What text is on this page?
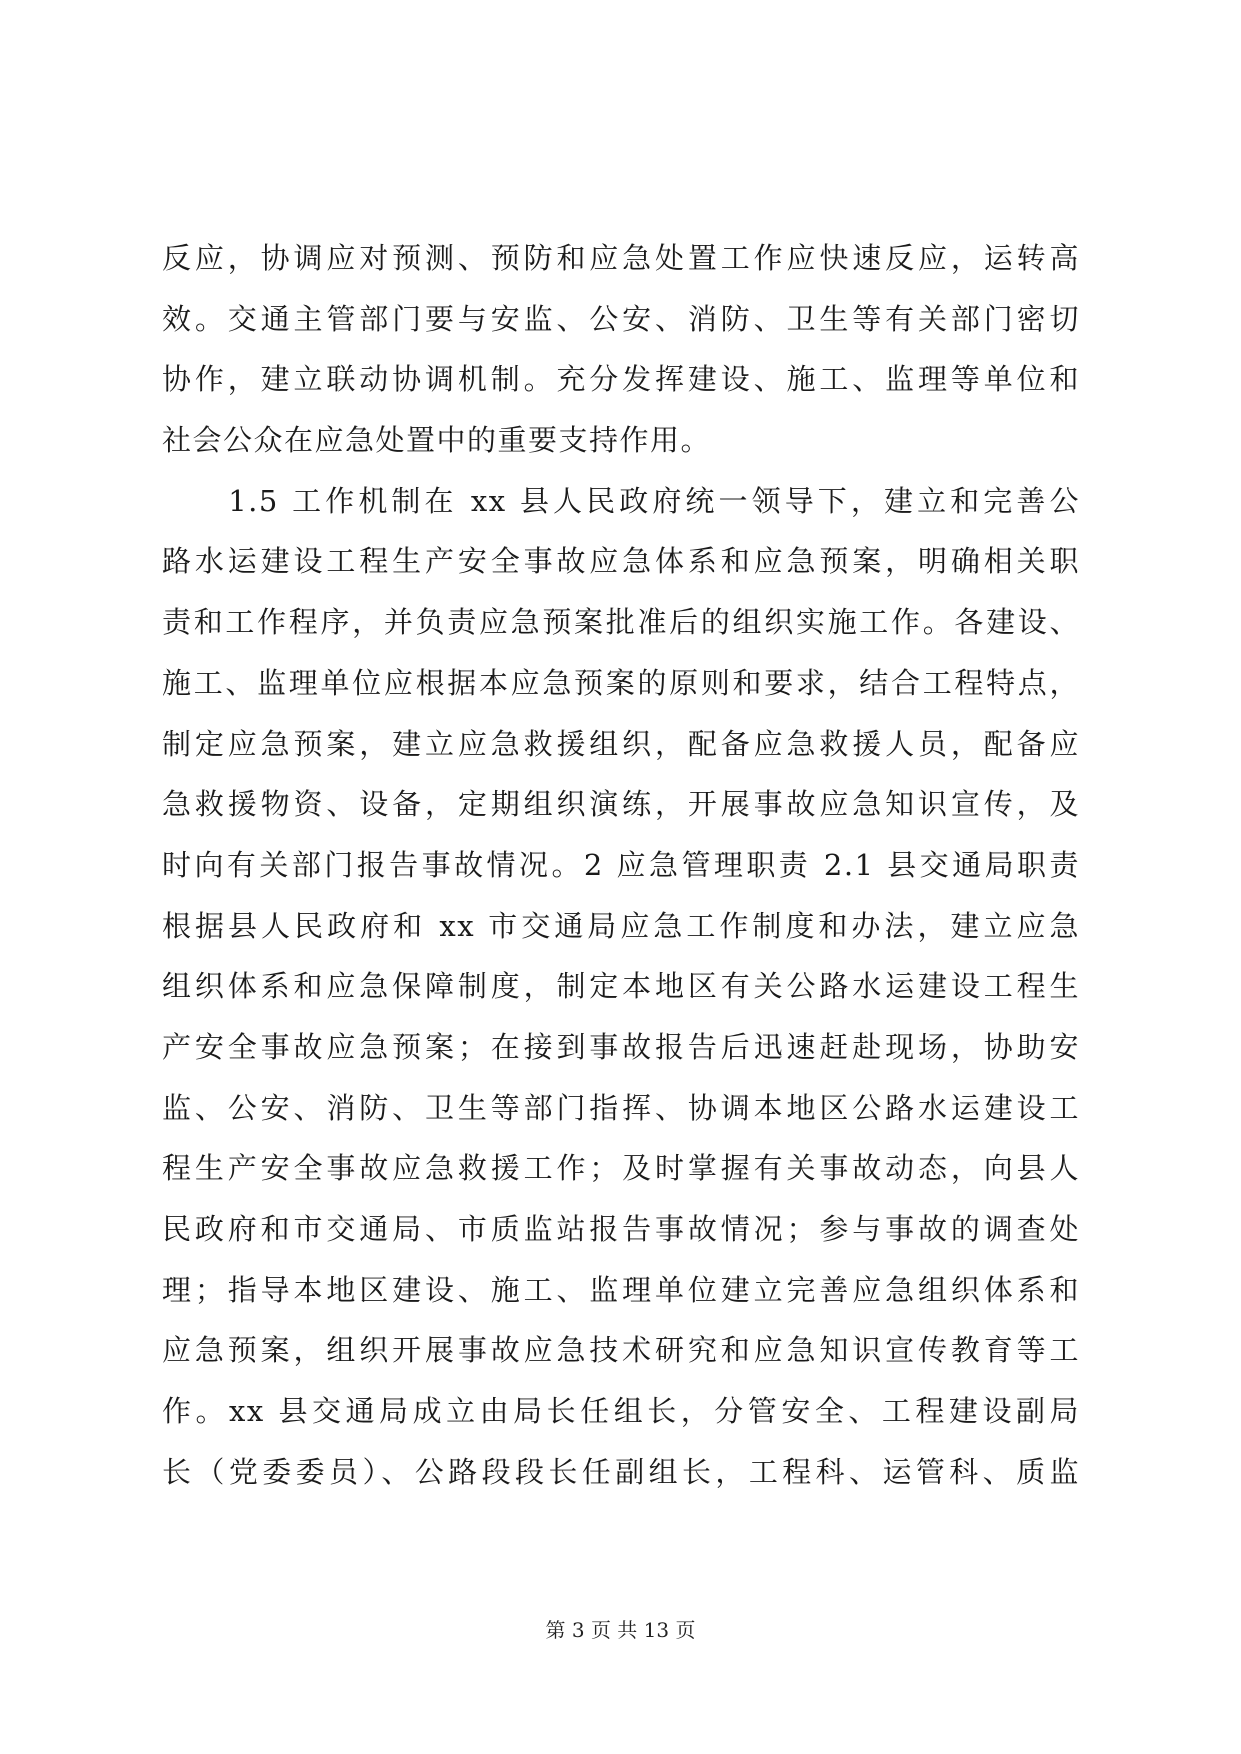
反应，协调应对预测、预防和应急处置工作应快速反应，运转高
效。交通主管部门要与安监、公安、消防、卫生等有关部门密切
协作，建立联动协调机制。充分发挥建设、施工、监理等单位和
社会公众在应急处置中的重要支持作用。
　　1.5 工作机制在 xx 县人民政府统一领导下，建立和完善公
路水运建设工程生产安全事故应急体系和应急预案，明确相关职
责和工作程序，并负责应急预案批准后的组织实施工作。各建设、
施工、监理单位应根据本应急预案的原则和要求，结合工程特点，
制定应急预案，建立应急救援组织，配备应急救援人员，配备应
急救援物资、设备，定期组织演练，开展事故应急知识宣传，及
时向有关部门报告事故情况。2 应急管理职责 2.1 县交通局职责
根据县人民政府和 xx 市交通局应急工作制度和办法，建立应急
组织体系和应急保障制度，制定本地区有关公路水运建设工程生
产安全事故应急预案；在接到事故报告后迅速赶赴现场，协助安
监、公安、消防、卫生等部门指挥、协调本地区公路水运建设工
程生产安全事故应急救援工作；及时掌握有关事故动态，向县人
民政府和市交通局、市质监站报告事故情况；参与事故的调查处
理；指导本地区建设、施工、监理单位建立完善应急组织体系和
应急预案，组织开展事故应急技术研究和应急知识宣传教育等工
作。xx 县交通局成立由局长任组长，分管安全、工程建设副局
长（党委委员）、公路段段长任副组长，工程科、运管科、质监
第 3 页 共 13 页
